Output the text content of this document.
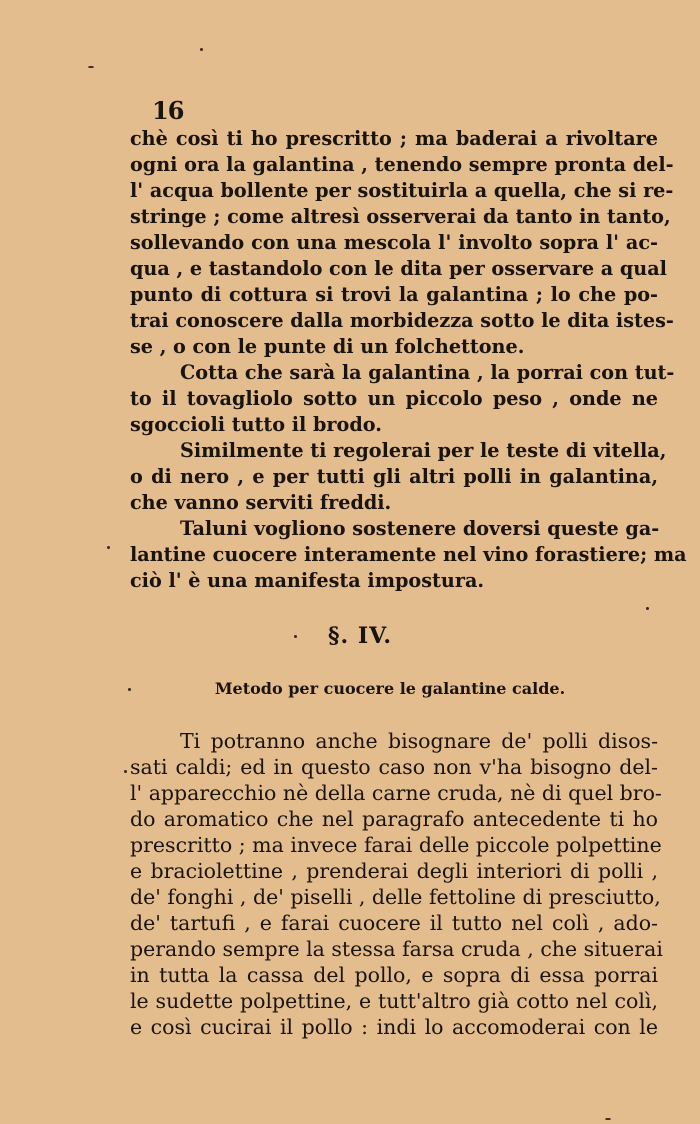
16
chè così ti ho prescritto ; ma baderai a rivoltare
ogni ora la galantina , tenendo sempre pronta del-
l' acqua bollente per sostituirla a quella, che si re-
stringe ; come altresì osserverai da tanto in tanto,
sollevando con una mescola l' involto sopra l' ac-
qua , e tastandolo con le dita per osservare a qual
punto di cottura si trovi la galantina ; lo che po-
trai conoscere dalla morbidezza sotto le dita istes-
se , o con le punte di un folchettone.
Cotta che sarà la galantina , la porrai con tut-
to il tovagliolo sotto un piccolo peso , onde ne
sgoccioli tutto il brodo.
Similmente ti regolerai per le teste di vitella,
o di nero , e per tutti gli altri polli in galantina,
che vanno serviti freddi.
Taluni vogliono sostenere doversi queste ga-
lantine cuocere interamente nel vino forastiere; ma
ciò l' è una manifesta impostura.
§. IV.
Metodo per cuocere le galantine calde.
Ti potranno anche bisognare de' polli disos-
sati caldi; ed in questo caso non v'ha bisogno del-
l' apparecchio nè della carne cruda, nè di quel bro-
do aromatico che nel paragrafo antecedente ti ho
prescritto ; ma invece farai delle piccole polpettine
e braciolettine , prenderai degli interiori di polli ,
de' fonghi , de' piselli , delle fettoline di presciutto,
de' tartufi , e farai cuocere il tutto nel colì , ado-
perando sempre la stessa farsa cruda , che situerai
in tutta la cassa del pollo, e sopra di essa porrai
le sudette polpettine, e tutt'altro già cotto nel colì,
e così cucirai il pollo : indi lo accomoderai con le
